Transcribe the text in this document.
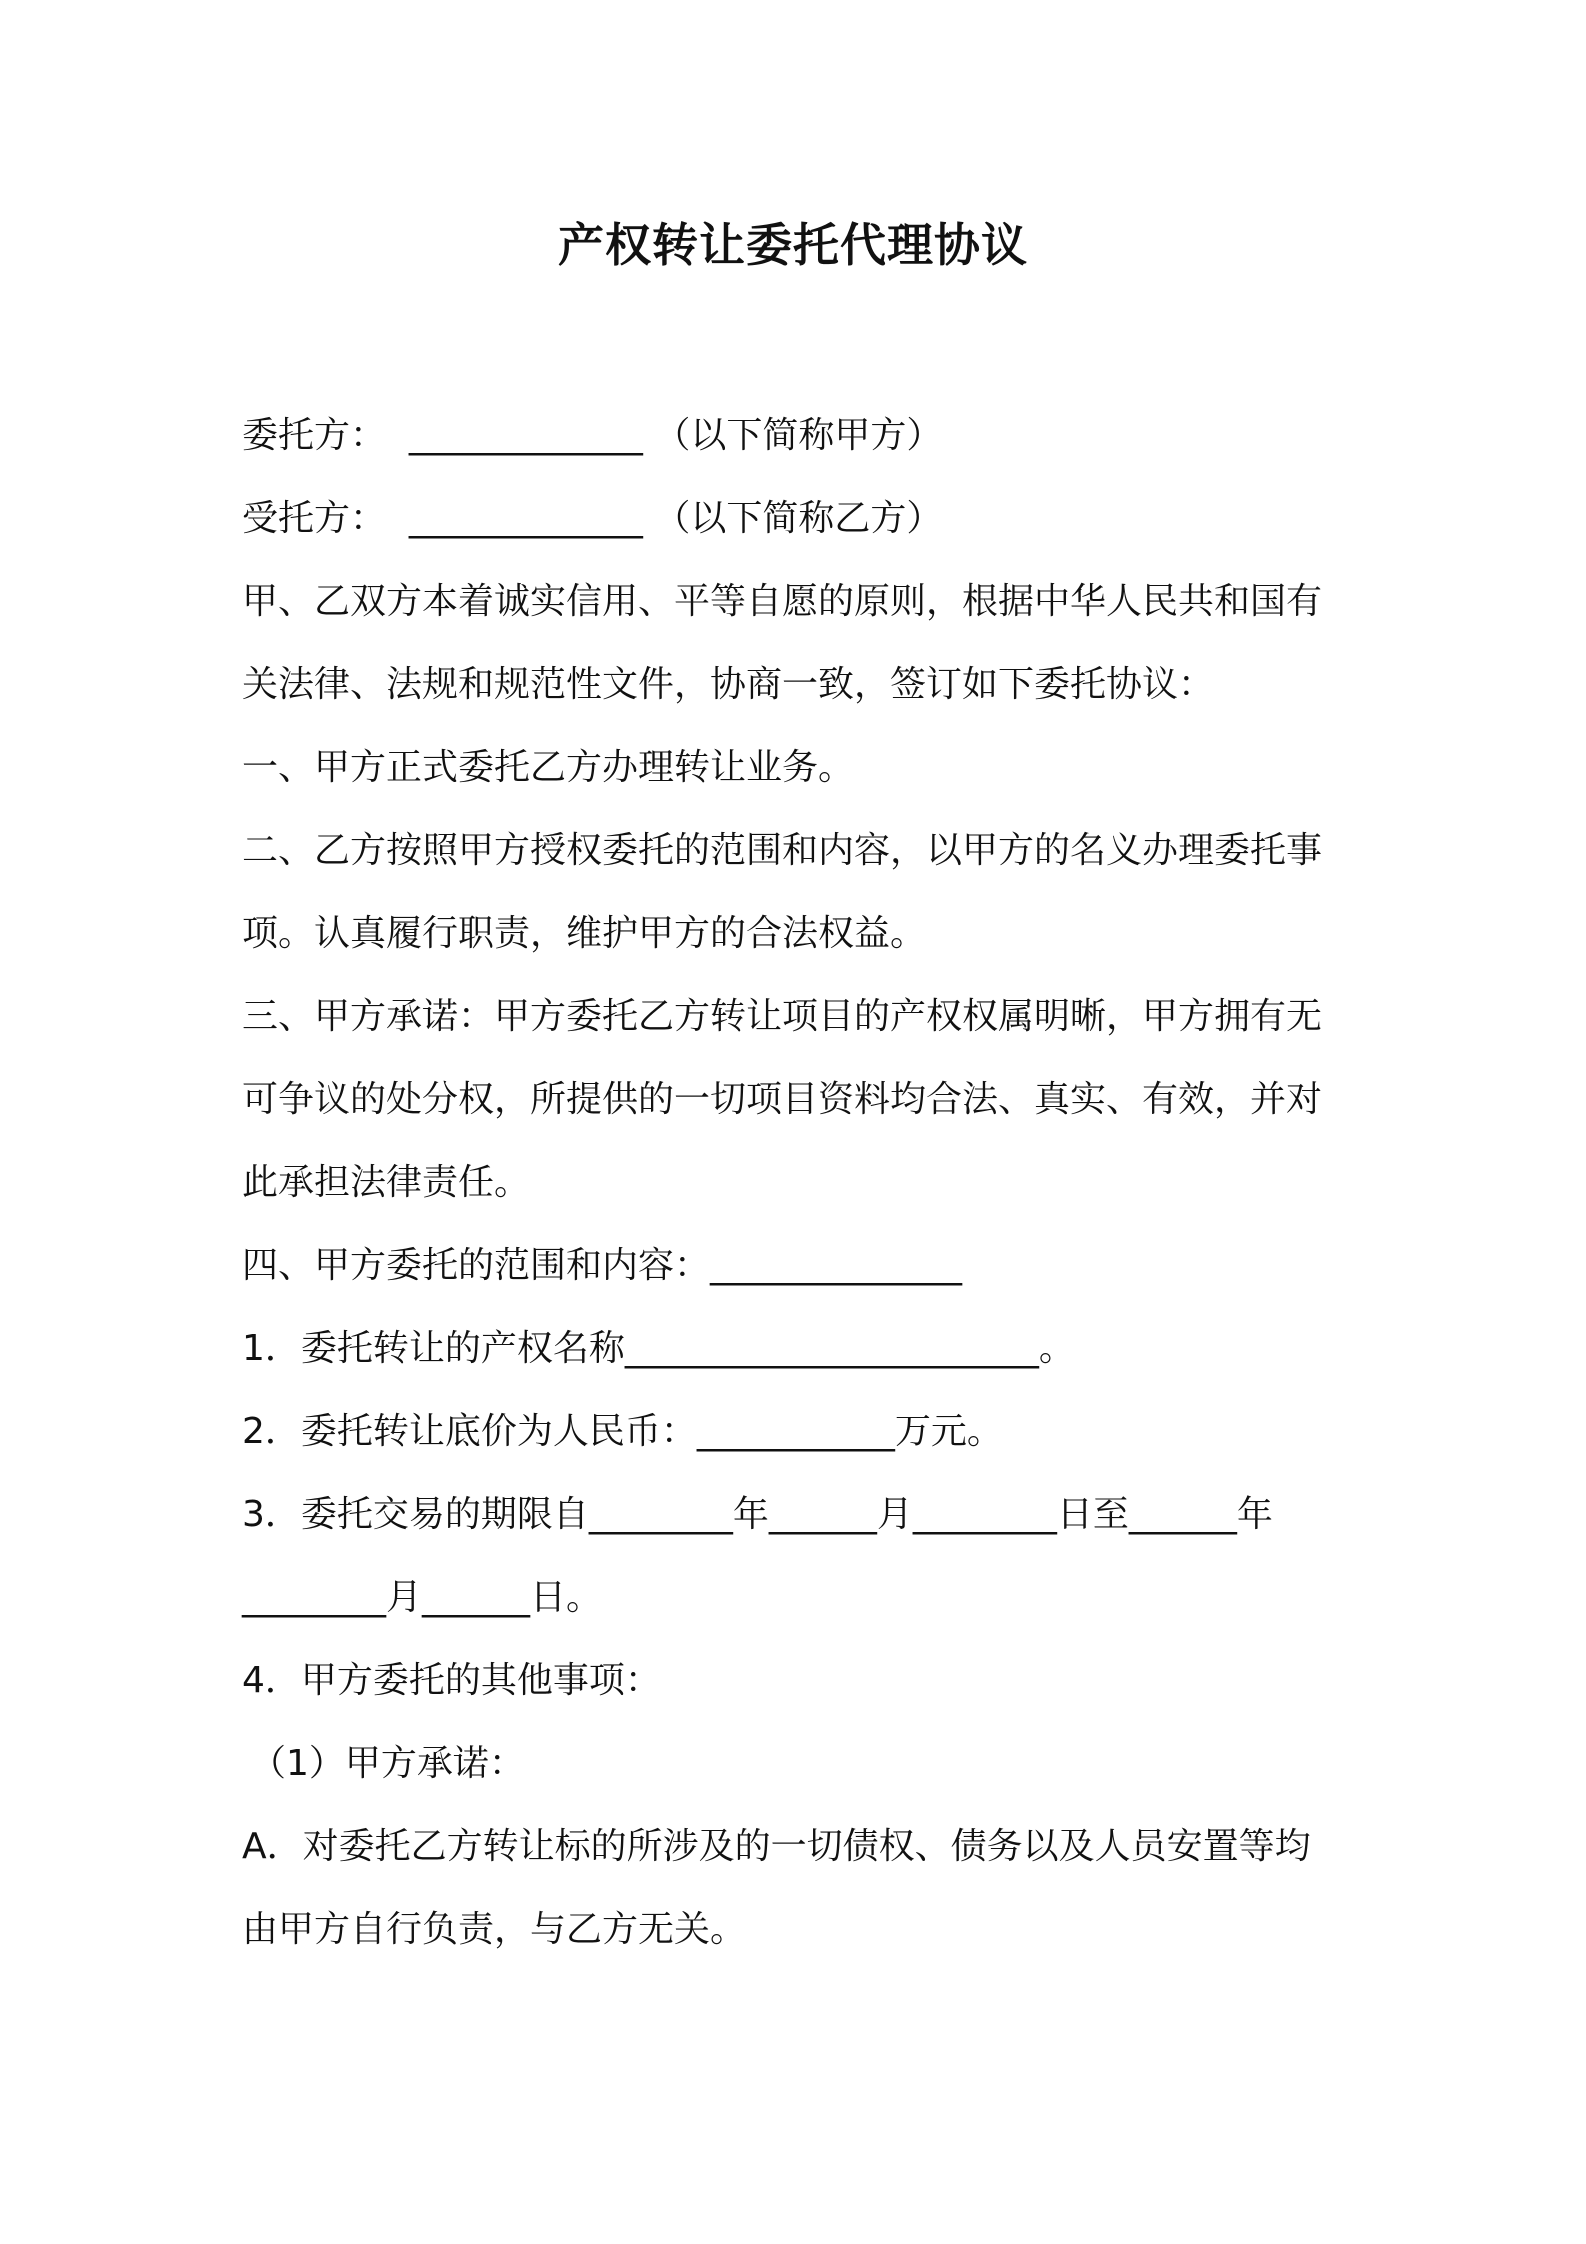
产权转让委托代理协议

委托方：  _____________ （以下简称甲方）

受托方：  _____________ （以下简称乙方）

甲、乙双方本着诚实信用、平等自愿的原则，根据中华人民共和国有

关法律、法规和规范性文件，协商一致，签订如下委托协议：

一、甲方正式委托乙方办理转让业务。

二、乙方按照甲方授权委托的范围和内容，以甲方的名义办理委托事

项。认真履行职责，维护甲方的合法权益。

三、甲方承诺：甲方委托乙方转让项目的产权权属明晰，甲方拥有无

可争议的处分权，所提供的一切项目资料均合法、真实、有效，并对

此承担法律责任。

四、甲方委托的范围和内容：______________

1．委托转让的产权名称_______________________。

2．委托转让底价为人民币：___________万元。

3．委托交易的期限自________年______月________日至______年

________月______日。

4．甲方委托的其他事项：

（1）甲方承诺：

A．对委托乙方转让标的所涉及的一切债权、债务以及人员安置等均

由甲方自行负责，与乙方无关。
